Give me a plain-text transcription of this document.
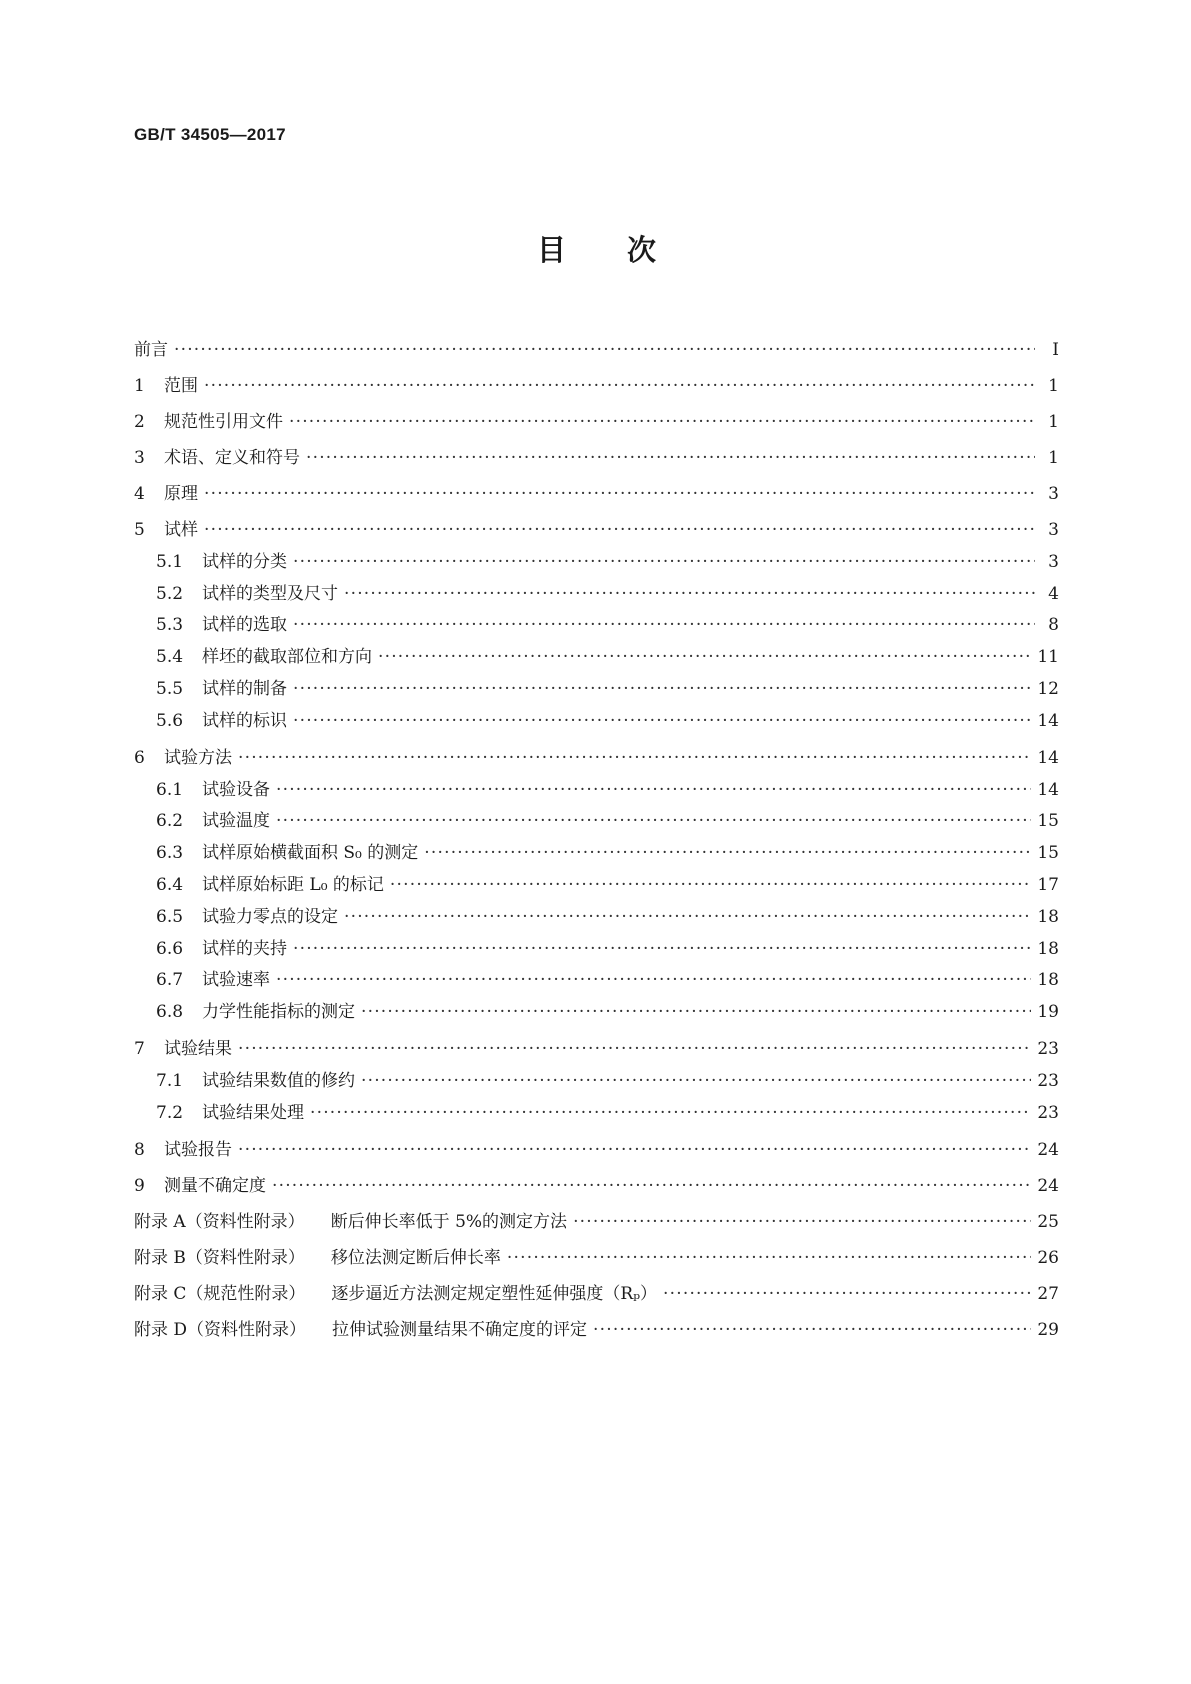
GB/T 34505—2017
目 次
前言 ·····	Ⅰ
1	范围 ·····	1
2	规范性引用文件 ·····	1
3	术语、定义和符号 ·····	1
4	原理 ·····	3
5	试样 ·····	3
5.1	试样的分类 ·····	3
5.2	试样的类型及尺寸 ·····	4
5.3	试样的选取 ·····	8
5.4	样坯的截取部位和方向 ·····	11
5.5	试样的制备 ·····	12
5.6	试样的标识 ·····	14
6	试验方法 ·····	14
6.1	试验设备 ·····	14
6.2	试验温度 ·····	15
6.3	试样原始横截面积 S₀ 的测定 ·····	15
6.4	试样原始标距 L₀ 的标记 ·····	17
6.5	试验力零点的设定 ·····	18
6.6	试样的夹持 ·····	18
6.7	试验速率 ·····	18
6.8	力学性能指标的测定 ·····	19
7	试验结果 ·····	23
7.1	试验结果数值的修约 ·····	23
7.2	试验结果处理 ·····	23
8	试验报告 ·····	24
9	测量不确定度 ·····	24
附录 A（资料性附录） 断后伸长率低于 5%的测定方法 ·····	25
附录 B（资料性附录） 移位法测定断后伸长率 ·····	26
附录 C（规范性附录） 逐步逼近方法测定规定塑性延伸强度（Rₚ） ·····	27
附录 D（资料性附录） 拉伸试验测量结果不确定度的评定 ·····	29
